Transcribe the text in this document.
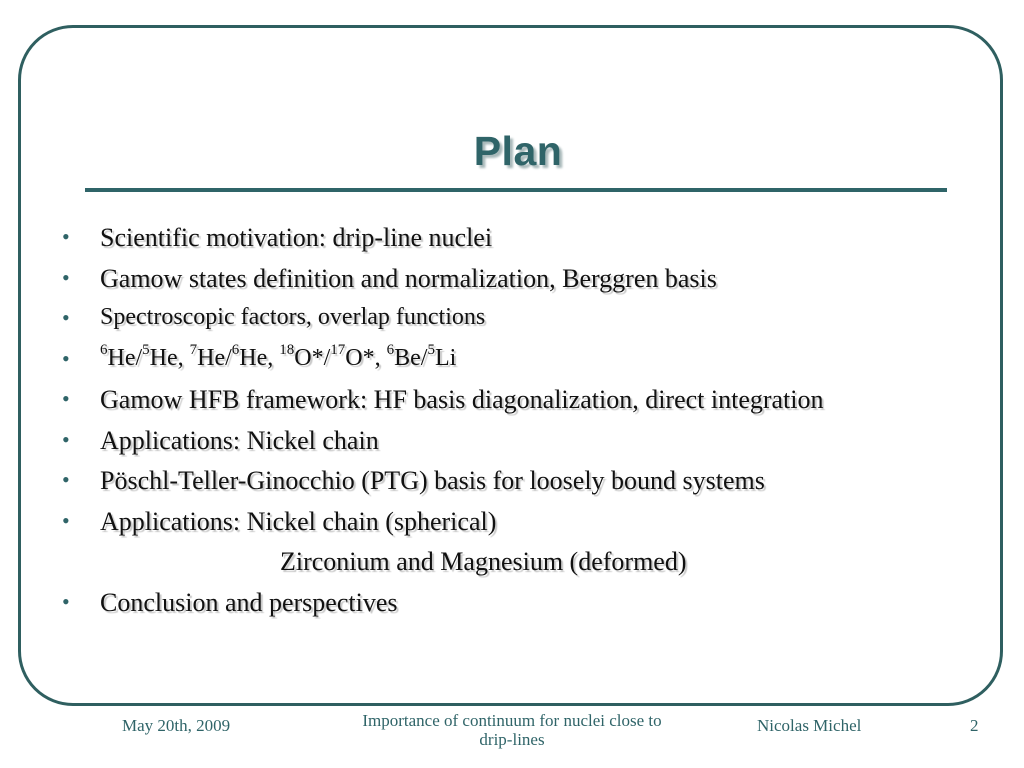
Plan
•	Scientific motivation: drip-line nuclei
•	Gamow states definition and normalization, Berggren basis
•	Spectroscopic factors, overlap functions
•	$^6$He/$^5$He, $^7$He/$^6$He, $^{18}$O*/$^{17}$O*, $^6$Be/$^5$Li
•	Gamow HFB framework: HF basis diagonalization, direct integration
•	Applications: Nickel chain
•	Pöschl-Teller-Ginocchio (PTG) basis for loosely bound systems
•	Applications: Nickel chain (spherical)
Zirconium and Magnesium (deformed)
•	Conclusion and perspectives
May 20th, 2009	Importance of continuum for nuclei close to
drip-lines
Nicolas Michel	2
